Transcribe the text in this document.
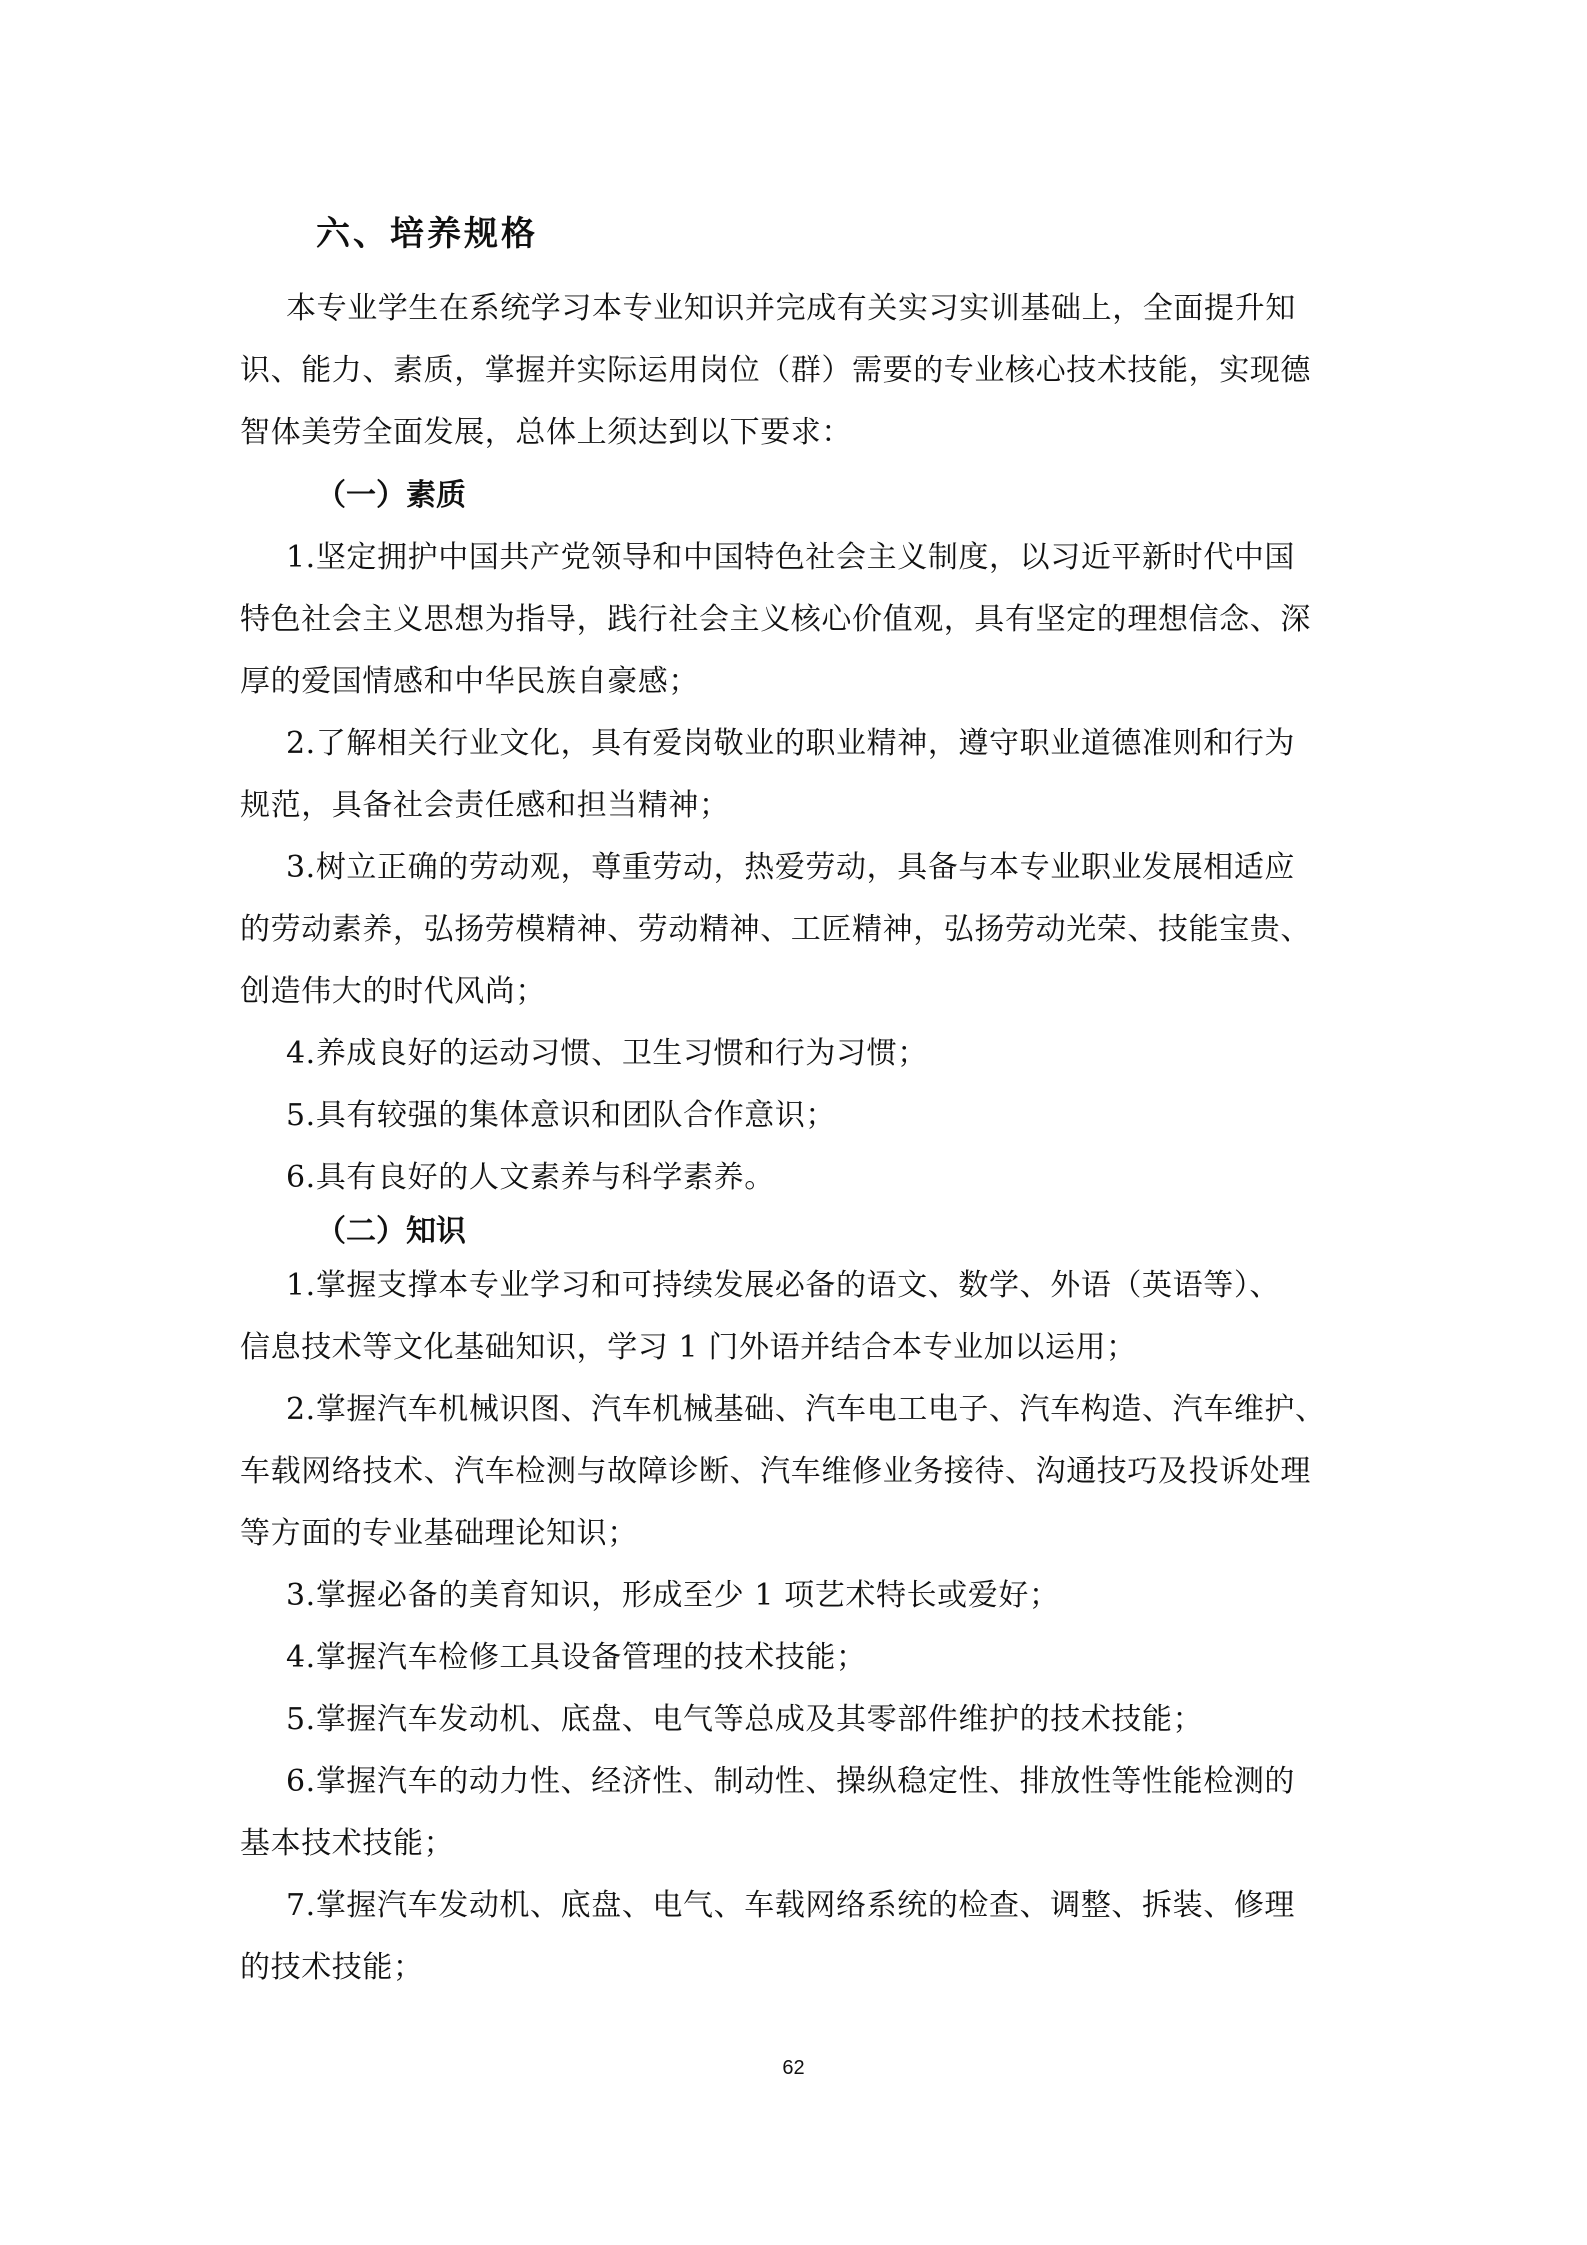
六、培养规格
本专业学生在系统学习本专业知识并完成有关实习实训基础上，全面提升知
识、能力、素质，掌握并实际运用岗位（群）需要的专业核心技术技能，实现德
智体美劳全面发展，总体上须达到以下要求：
（一）素质
1.坚定拥护中国共产党领导和中国特色社会主义制度，以习近平新时代中国
特色社会主义思想为指导，践行社会主义核心价值观，具有坚定的理想信念、深
厚的爱国情感和中华民族自豪感；
2.了解相关行业文化，具有爱岗敬业的职业精神，遵守职业道德准则和行为
规范，具备社会责任感和担当精神；
3.树立正确的劳动观，尊重劳动，热爱劳动，具备与本专业职业发展相适应
的劳动素养，弘扬劳模精神、劳动精神、工匠精神，弘扬劳动光荣、技能宝贵、
创造伟大的时代风尚；
4.养成良好的运动习惯、卫生习惯和行为习惯；
5.具有较强的集体意识和团队合作意识；
6.具有良好的人文素养与科学素养。
（二）知识
1.掌握支撑本专业学习和可持续发展必备的语文、数学、外语（英语等）、
信息技术等文化基础知识，学习 1 门外语并结合本专业加以运用；
2.掌握汽车机械识图、汽车机械基础、汽车电工电子、汽车构造、汽车维护、
车载网络技术、汽车检测与故障诊断、汽车维修业务接待、沟通技巧及投诉处理
等方面的专业基础理论知识；
3.掌握必备的美育知识，形成至少 1 项艺术特长或爱好；
4.掌握汽车检修工具设备管理的技术技能；
5.掌握汽车发动机、底盘、电气等总成及其零部件维护的技术技能；
6.掌握汽车的动力性、经济性、制动性、操纵稳定性、排放性等性能检测的
基本技术技能；
7.掌握汽车发动机、底盘、电气、车载网络系统的检查、调整、拆装、修理
的技术技能；
62
